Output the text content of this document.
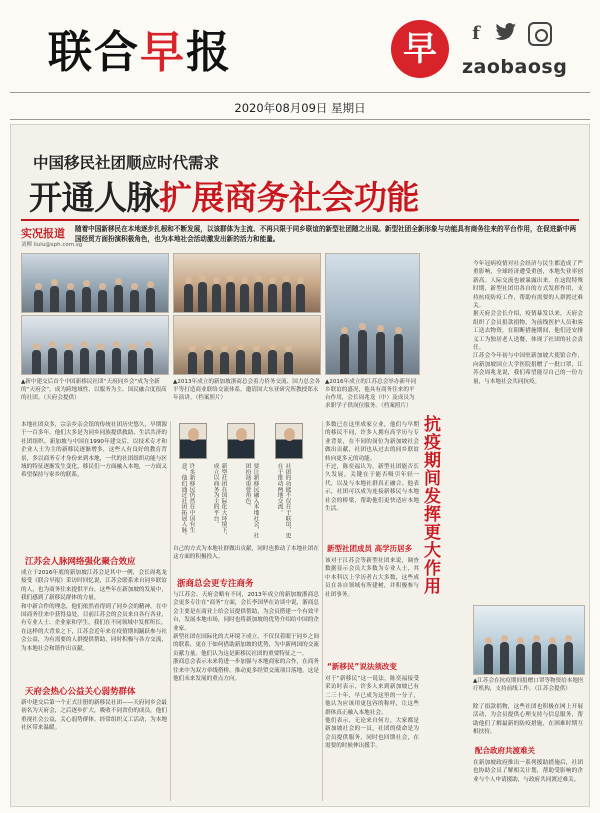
联合早报	早	f
zaobaosg
2020年08月09日 星期日
中国移民社团顺应时代需求
开通人脉扩展商务社会功能
实况报道
刘柳 liulu@sph.com.sg
随着中国新移民在本地逐步扎根和不断发展，以该群体为主流、不再只限于同乡联谊的新型社团随之出现。新型社团全新形象与功能具有商务往来的平台作用，在促进新中两国经贸方面扮演积极角色，也为本地社会活动激发出新的活力和能量。
▲新中建交后首个中国新移民社团“天府同乡会”成为全新的“天府会”，成为跨地域性、以服务为主、国民融合度很高的社团。（天府会提供）
▲2013年成立的新加坡浙商总会着力侨务交流、国力总会各平等打造商业联络交流体系，邀请国大东亚研究所教授郑永年演讲。（档案照片）
▲2016年成立的江苏总会举办新年同乡联谊的盛况，他具有商务往来的平台作用，会长周兆龙（中）及成员为求职学子供岗位服务。（档案照片）
本地社团众多，宗亲乡亲会馆的传统社团历史悠久，早期源于一百多年，他们大多是为同乡同族提供救助、生活共济的社团组织。新加坡与中国在1990年建交后，以技术专才和企业人士为主的新移民逐渐增多，这些人有良好的教育背景，多以商务专才身份来到本地，一代的社团组织功能与区域的特征逐渐发生变化，移民们一方面融入本地，一方面又希望保持与家乡的联系。
江苏会人脉网络强化聚合效应
成立于2016年底的新加坡江苏会是其中一例，会长周兆龙接受《联合早报》采访时回忆说，江苏会联系来自同乡联谊的人，也为商务往来提供平台，这些年在新加坡的发展中，我们感到了新移民群体的力量。
和中新合作的理念，他们依然看得到了同乡会的精神，在中国商务往来中获得益处。目前江苏会的会员来自各行各业，有专业人士、企业家和学生，我们在不同领域中发挥所长。
在这样的大背景之下，江苏会近年来在疫情期间踊跃参与社会公益，为有需要的人群提供帮助，同时积极与各方交流，为本地社会和谐作出贡献。
天府会热心公益关心弱势群体
新中建交后第一个正式注册的新移民社团——天府同乡会最初名为天府会，之后逐步扩大，吸收不同省份的成员。他们重视社会公益，关心弱势群体，经常组织义工活动，为本地社区带来温暖。
许多新移民仍然在中国有生意，他们通过社团拓展人脉。	新型社团在国际化大环境下，成立以商务为主的平台。	要让新移民融入本地社会，社团扮演重要角色。	社团的功能不仅在于联谊，更在于推动两地交流。
自己的方式为本地社群做出贡献，同时也推动了本地社团在这方面的积极投入。
浙商总会更专注商务
与江苏会、天府会略有不同，2013年成立的新加坡浙商总会更多专注在“商务”方面，会长李国华在访谈中说，浙商总会主要是在商业上给会员提供帮助，为会员搭建一个有效平台，发展本地市场，同时也将新加坡的优势介绍给中国的企业家。
新型社团在国际化的大环境下成立，不仅仅着眼于同乡之间的联系，更在于如何借助新加坡的优势，为中新两国的交流贡献力量。他们认为这是新移民社团的重要特征之一。
浙商总会表示未来将进一步加强与本地商家的合作，在商务往来中为双方牵线搭桥，推动更多经贸交流项目落地，这是他们未来发展的重点方向。
多数已在这里成家立业，他们与早期的移民不同，许多人拥有高学历与专业背景，在不同的岗位为新加坡社会做出贡献，社团也从过去的同乡联谊转向更多元的功能。
不过，陈奕福认为，新型社团能否长久发展，关键在于能否吸引年轻一代，以及与本地社群真正融合。他表示，社团可以成为连接新移民与本地社会的桥梁，帮助他们更快适应本地生活。
新型社团成员 高学历居多
该对于江苏会等新型社团来说，调查数据显示会员大多数为专业人士，其中本科以上学历者占大多数，这些成员在各自领域有所建树，并积极参与社团事务。
“新移民”说法须改变
对于“新移民”这一说法，陈奕福接受采访时表示，许多人来到新加坡已有二三十年，早已成为这里的一分子，他认为应该用更包容的称呼，让这些群体真正融入本地社会。
他们表示，无论来自何方，大家都是新加坡社会的一员，社团的使命是为会员提供服务，同时也回馈社会，在需要的时候伸出援手。
抗疫期间发挥更大作用
今年冠病疫情对社会经济与民生都造成了严重影响，全球经济遭受重创，本地失业率创新高。人际交流也被暴露出来。在这段特殊时期，新型社团用各自的方式发挥作用，支持抗疫防疫工作，帮助有需要的人群渡过难关。
据天府会会长介绍，疫情暴发以来，天府会组织了会员捐款捐物，为前线医护人员和客工送去物资，在阻断措施期间，他们还安排义工为独居老人送餐，体现了社团的社会责任。
江苏会今年初与中国驻新加坡大使馆合作，向新加坡国立大学医院捐赠了一批口罩，江苏会周兆龙说，我们希望能尽自己的一份力量，与本地社会共同抗疫。
▲江苏会在抗疫期间捐赠口罩等物资给本地医疗机构，支持前线工作。（江苏会提供）
除了捐款捐物，这些社团也积极在网上开展活动，为会员提供心理支持与信息服务，帮助他们了解最新的防疫措施，在困难时期互相扶持。
配合政府共渡难关
在新加坡政府推出一系列援助措施后，社团也协助会员了解相关计划，帮助受影响的企业与个人申请援助，与政府共同渡过难关。
